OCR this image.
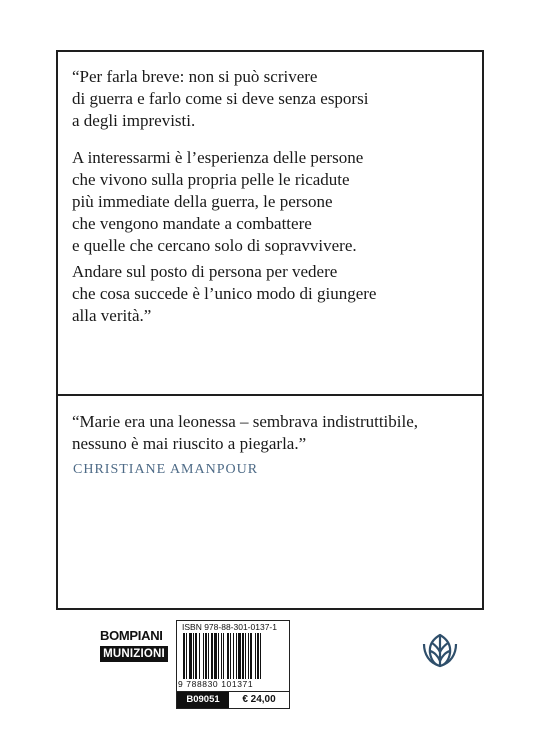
“Per farla breve: non si può scrivere
di guerra e farlo come si deve senza esporsi
a degli imprevisti.

A interessarmi è l’esperienza delle persone
che vivono sulla propria pelle le ricadute
più immediate della guerra, le persone
che vengono mandate a combattere
e quelle che cercano solo di sopravvivere.

Andare sul posto di persona per vedere
che cosa succede è l’unico modo di giungere
alla verità.”

“Marie era una leonessa – sembrava indistruttibile,
nessuno è mai riuscito a piegarla.”

CHRISTIANE AMANPOUR

BOMPIANI
MUNIZIONI
ISBN 978-88-301-0137-1
9 788830 101371
B09051	€ 24,00
